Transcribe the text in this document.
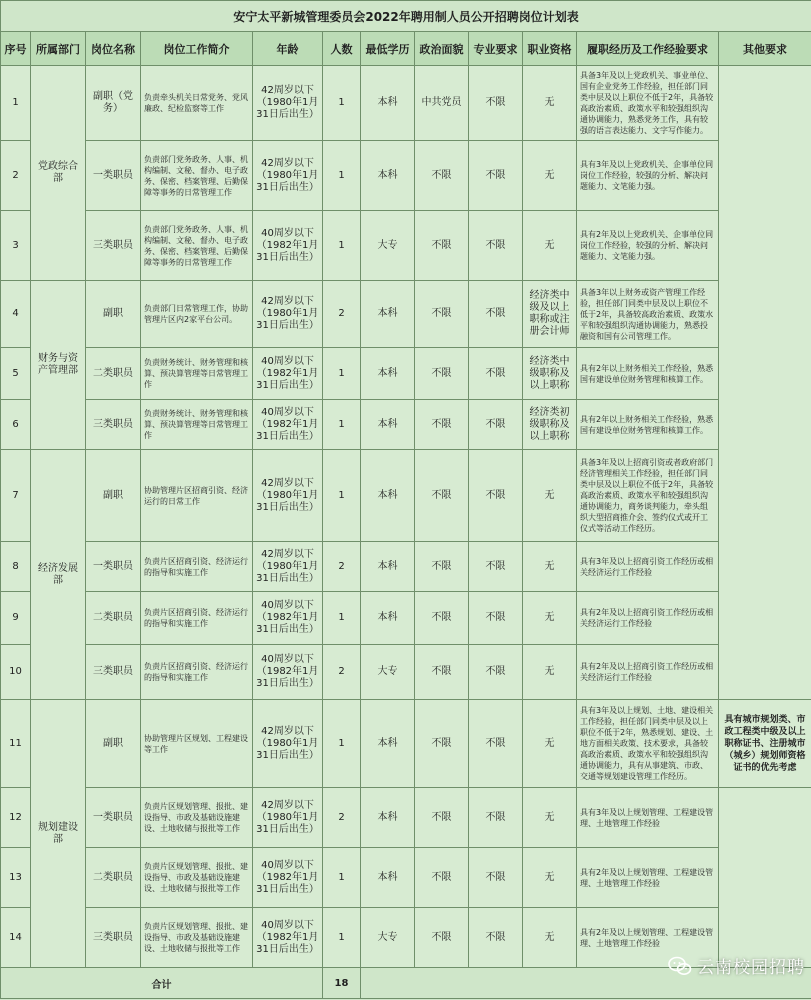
安宁太平新城管理委员会2022年聘用制人员公开招聘岗位计划表											
序号	所属部门	岗位名称	岗位工作简介	年龄	人数	最低学历	政治面貌	专业要求	职业资格	履职经历及工作经验要求	其他要求
1	党政综合部	副职（党务）	负责牵头机关日常党务、党风廉政、纪检监察等工作	42周岁以下（1980年1月31日后出生）	1	本科	中共党员	不限	无	具备3年及以上党政机关、事业单位、国有企业党务工作经验，担任部门同类中层及以上职位不低于2年，具备较高政治素质、政策水平和较强组织沟通协调能力，熟悉党务工作，具有较强的语言表达能力、文字写作能力。	
2		一类职员	负责部门党务政务、人事、机构编制、文秘、督办、电子政务、保密、档案管理、后勤保障等事务的日常管理工作	42周岁以下（1980年1月31日后出生）	1	本科	不限	不限	无	具有3年及以上党政机关、企事单位同岗位工作经验，较强的分析、解决问题能力、文笔能力强。	
3		三类职员	负责部门党务政务、人事、机构编制、文秘、督办、电子政务、保密、档案管理、后勤保障等事务的日常管理工作	40周岁以下（1982年1月31日后出生）	1	大专	不限	不限	无	具有2年及以上党政机关、企事单位同岗位工作经验，较强的分析、解决问题能力、文笔能力强。	
4	财务与资产管理部	副职	负责部门日常管理工作，协助管理片区内2家平台公司。	42周岁以下（1980年1月31日后出生）	2	本科	不限	不限	经济类中级及以上职称或注册会计师	具备3年以上财务或资产管理工作经验，担任部门同类中层及以上职位不低于2年，具备较高政治素质、政策水平和较强组织沟通协调能力，熟悉投融资和国有公司管理工作。	
5		二类职员	负责财务统计、财务管理和核算、预决算管理等日常管理工作	40周岁以下（1982年1月31日后出生）	1	本科	不限	不限	经济类中级职称及以上职称	具有2年以上财务相关工作经验，熟悉国有建设单位财务管理和核算工作。	
6		三类职员	负责财务统计、财务管理和核算、预决算管理等日常管理工作	40周岁以下（1982年1月31日后出生）	1	本科	不限	不限	经济类初级职称及以上职称	具有2年以上财务相关工作经验，熟悉国有建设单位财务管理和核算工作。	
7	经济发展部	副职	协助管理片区招商引资、经济运行的日常工作	42周岁以下（1980年1月31日后出生）	1	本科	不限	不限	无	具备3年及以上招商引资或者政府部门经济管理相关工作经验，担任部门同类中层及以上职位不低于2年，具备较高政治素质、政策水平和较强组织沟通协调能力，商务谈判能力，牵头组织大型招商推介会、签约仪式或开工仪式等活动工作经历。	
8		一类职员	负责片区招商引资、经济运行的指导和实施工作	42周岁以下（1980年1月31日后出生）	2	本科	不限	不限	无	具有3年及以上招商引资工作经历或相关经济运行工作经验	
9		二类职员	负责片区招商引资、经济运行的指导和实施工作	40周岁以下（1982年1月31日后出生）	1	本科	不限	不限	无	具有2年及以上招商引资工作经历或相关经济运行工作经验	
10		三类职员	负责片区招商引资、经济运行的指导和实施工作	40周岁以下（1982年1月31日后出生）	2	大专	不限	不限	无	具有2年及以上招商引资工作经历或相关经济运行工作经验	
11	规划建设部	副职	协助管理片区规划、工程建设等工作	42周岁以下（1980年1月31日后出生）	1	本科	不限	不限	无	具有3年及以上规划、土地、建设相关工作经验，担任部门同类中层及以上职位不低于2年，熟悉规划、建设、土地方面相关政策、技术要求，具备较高政治素质、政策水平和较强组织沟通协调能力，具有从事建筑、市政、交通等规划建设管理工作经历。	具有城市规划类、市政工程类中级及以上职称证书、注册城市（城乡）规划师资格证书的优先考虑
12		一类职员	负责片区规划管理、报批、建设指导、市政及基础设施建设、土地收储与报批等工作	42周岁以下（1980年1月31日后出生）	2	本科	不限	不限	无	具有3年及以上规划管理、工程建设管理、土地管理工作经验	
13		二类职员	负责片区规划管理、报批、建设指导、市政及基础设施建设、土地收储与报批等工作	40周岁以下（1982年1月31日后出生）	1	本科	不限	不限	无	具有2年及以上规划管理、工程建设管理、土地管理工作经验	
14		三类职员	负责片区规划管理、报批、建设指导、市政及基础设施建设、土地收储与报批等工作	40周岁以下（1982年1月31日后出生）	1	大专	不限	不限	无	具有2年及以上规划管理、工程建设管理、土地管理工作经验	
合计					18						
云南校园招聘
